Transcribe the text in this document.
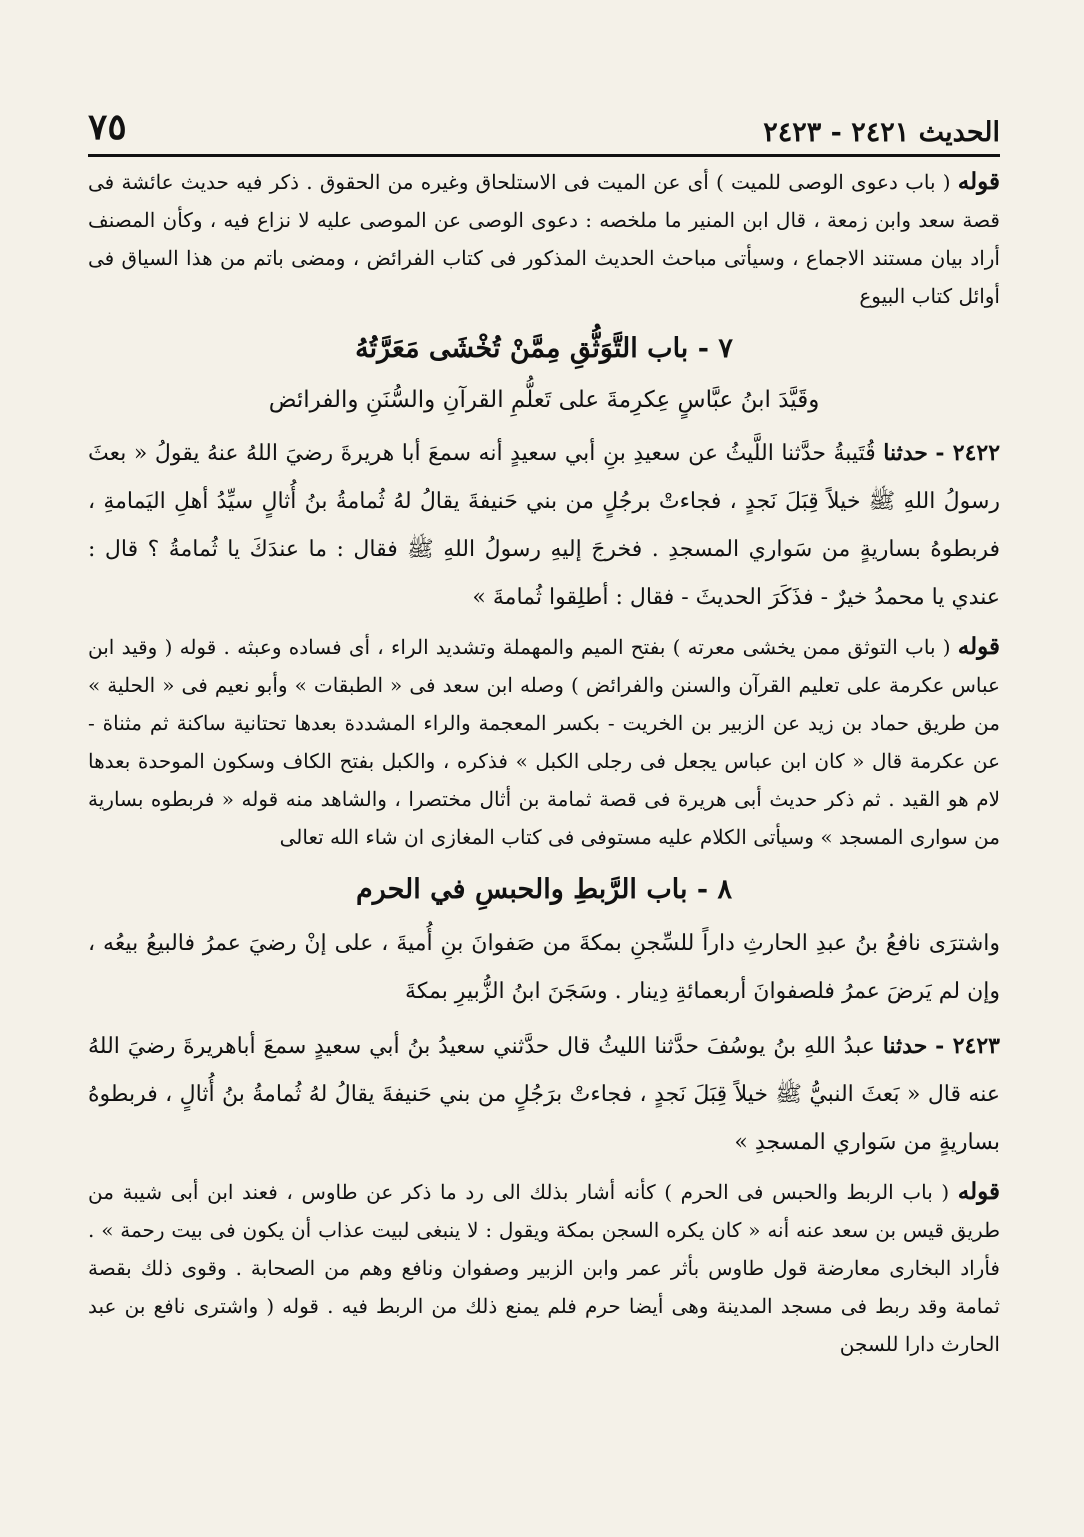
الحديث ٢٤٢١ - ٢٤٢٣
٧٥

قوله ( باب دعوى الوصى للميت ) أى عن الميت فى الاستلحاق وغيره من الحقوق . ذكر فيه حديث عائشة فى قصة سعد وابن زمعة ، قال ابن المنير ما ملخصه : دعوى الوصى عن الموصى عليه لا نزاع فيه ، وكأن المصنف أراد بيان مستند الاجماع ، وسيأتى مباحث الحديث المذكور فى كتاب الفرائض ، ومضى باتم من هذا السياق فى أوائل كتاب البيوع

٧ - باب التَّوَثُّقِ مِمَّنْ تُخْشَى مَعَرَّتُهُ

وقَيَّدَ ابنُ عبَّاسٍ عِكرِمةَ على تَعلُّمِ القرآنِ والسُّنَنِ والفرائض

٢٤٢٢ - حدثنا قُتَيبةُ حدَّثنا اللَّيثُ عن سعيدِ بنِ أبي سعيدٍ أنه سمعَ أبا هريرةَ رضيَ اللهُ عنهُ يقولُ « بعثَ رسولُ اللهِ ﷺ خيلاً قِبَلَ نَجدٍ ، فجاءتْ برجُلٍ من بني حَنيفةَ يقالُ لهُ ثُمامةُ بنُ أُثالٍ سيِّدُ أهلِ اليَمامةِ ، فربطوهُ بساريةٍ من سَواري المسجدِ . فخرجَ إليهِ رسولُ اللهِ ﷺ فقال : ما عندَكَ يا ثُمامةُ ؟ قال : عندي يا محمدُ خيرٌ - فذَكَرَ الحديثَ - فقال : أطلِقوا ثُمامةَ »

قوله ( باب التوثق ممن يخشى معرته ) بفتح الميم والمهملة وتشديد الراء ، أى فساده وعبثه . قوله ( وقيد ابن عباس عكرمة على تعليم القرآن والسنن والفرائض ) وصله ابن سعد فى « الطبقات » وأبو نعيم فى « الحلية » من طريق حماد بن زيد عن الزبير بن الخريت - بكسر المعجمة والراء المشددة بعدها تحتانية ساكنة ثم مثناة - عن عكرمة قال « كان ابن عباس يجعل فى رجلى الكبل » فذكره ، والكبل بفتح الكاف وسكون الموحدة بعدها لام هو القيد . ثم ذكر حديث أبى هريرة فى قصة ثمامة بن أثال مختصرا ، والشاهد منه قوله « فربطوه بسارية من سوارى المسجد » وسيأتى الكلام عليه مستوفى فى كتاب المغازى ان شاء الله تعالى

٨ - باب الرَّبطِ والحبسِ في الحرم

واشترَى نافعُ بنُ عبدِ الحارثِ داراً للسِّجنِ بمكةَ من صَفوانَ بنِ أُميةَ ، على إنْ رضيَ عمرُ فالبيعُ بيعُه ، وإن لم يَرضَ عمرُ فلصفوانَ أربعمائةِ دِينار . وسَجَنَ ابنُ الزُّبيرِ بمكةَ

٢٤٢٣ - حدثنا عبدُ اللهِ بنُ يوسُفَ حدَّثنا الليثُ قال حدَّثني سعيدُ بنُ أبي سعيدٍ سمعَ أباهريرةَ رضيَ اللهُ عنه قال « بَعثَ النبيُّ ﷺ خيلاً قِبَلَ نَجدٍ ، فجاءتْ برَجُلٍ من بني حَنيفةَ يقالُ لهُ ثُمامةُ بنُ أُثالٍ ، فربطوهُ بساريةٍ من سَواري المسجدِ »

قوله ( باب الربط والحبس فى الحرم ) كأنه أشار بذلك الى رد ما ذكر عن طاوس ، فعند ابن أبى شيبة من طريق قيس بن سعد عنه أنه « كان يكره السجن بمكة ويقول : لا ينبغى لبيت عذاب أن يكون فى بيت رحمة » . فأراد البخارى معارضة قول طاوس بأثر عمر وابن الزبير وصفوان ونافع وهم من الصحابة . وقوى ذلك بقصة ثمامة وقد ربط فى مسجد المدينة وهى أيضا حرم فلم يمنع ذلك من الربط فيه . قوله ( واشترى نافع بن عبد الحارث دارا للسجن
